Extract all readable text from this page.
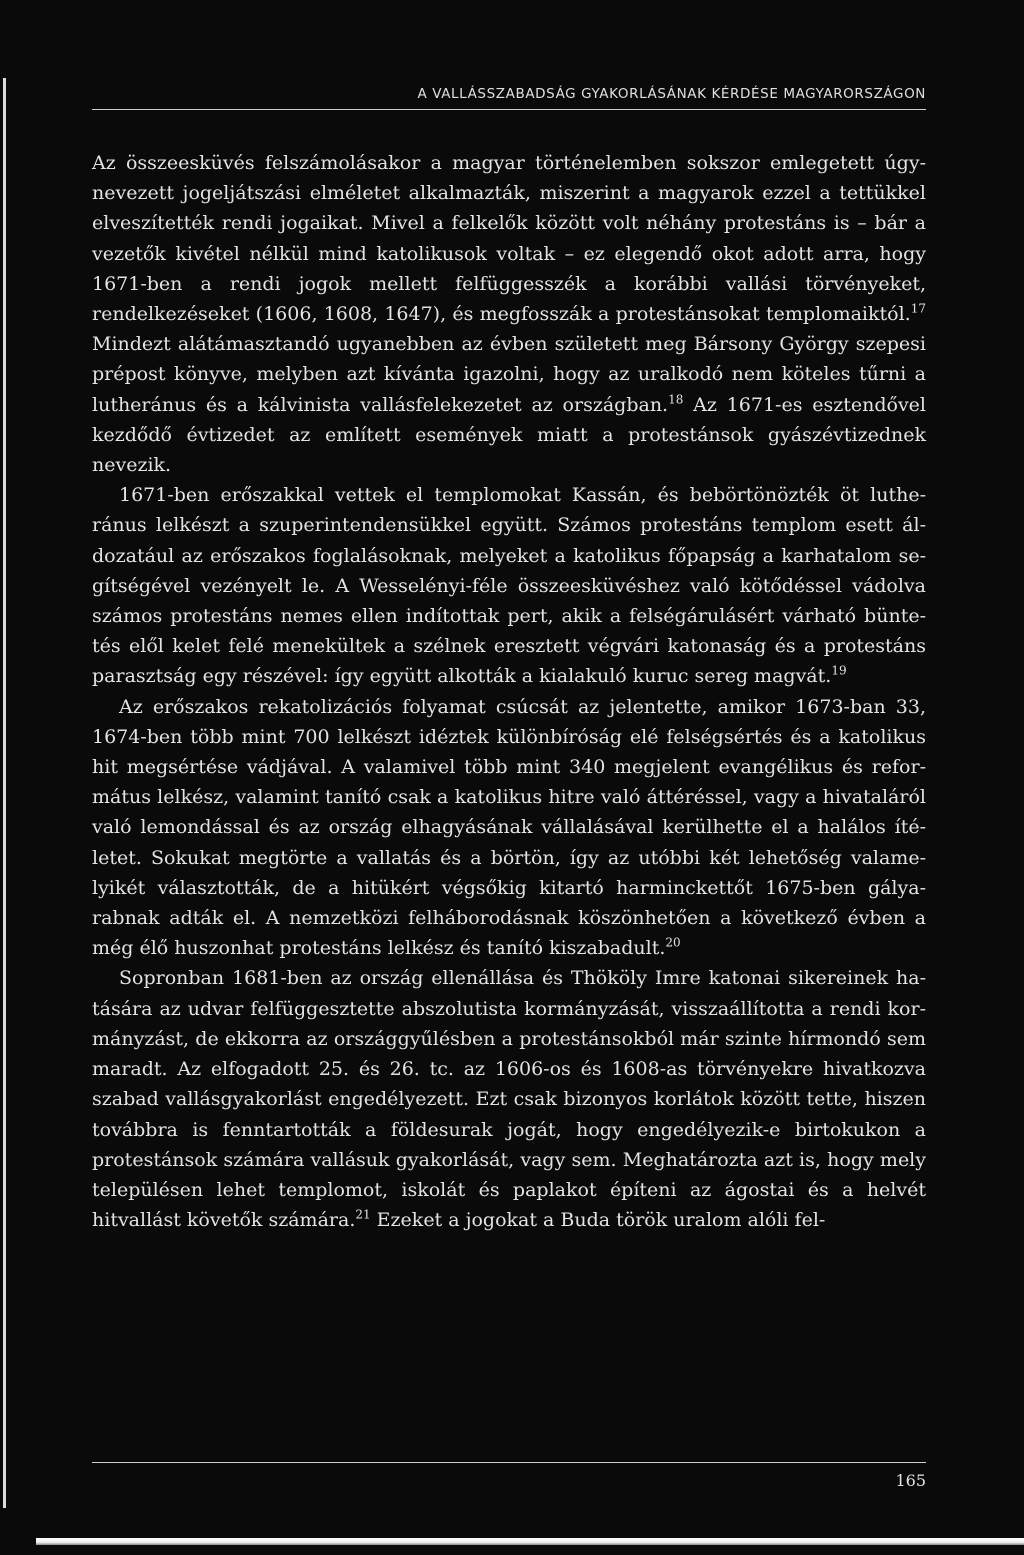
A VALLÁSSZABADSÁG GYAKORLÁSÁNAK KÉRDÉSE MAGYARORSZÁGON

Az összeesküvés felszámolásakor a magyar történelemben sokszor emlegetett úgynevezett jogeljátszási elméletet alkalmazták, miszerint a magyarok ezzel a tettükkel elveszítették rendi jogaikat. Mivel a felkelők között volt néhány protestáns is – bár a vezetők kivétel nélkül mind katolikusok voltak – ez elegendő okot adott arra, hogy 1671-ben a rendi jogok mellett felfüggesszék a korábbi vallási törvényeket, rendelkezéseket (1606, 1608, 1647), és megfosszák a protestánsokat templomaiktól.$^{17}$ Mindezt alátámasztandó ugyanebben az évben született meg Bársony György szepesi prépost könyve, melyben azt kívánta igazolni, hogy az uralkodó nem köteles tűrni a lutheránus és a kálvinista vallásfelekezetet az országban.$^{18}$ Az 1671-es esztendővel kezdődő évtizedet az említett események miatt a protestánsok gyászévtizednek nevezik.

1671-ben erőszakkal vettek el templomokat Kassán, és bebörtönözték öt lutheránus lelkészt a szuperintendensükkel együtt. Számos protestáns templom esett áldozatául az erőszakos foglalásoknak, melyeket a katolikus főpapság a karhatalom segítségével vezényelt le. A Wesselényi-féle összeesküvéshez való kötődéssel vádolva számos protestáns nemes ellen indítottak pert, akik a felségárulásért várható büntetés elől kelet felé menekültek a szélnek eresztett végvári katonaság és a protestáns parasztság egy részével: így együtt alkották a kialakuló kuruc sereg magvát.$^{19}$

Az erőszakos rekatolizációs folyamat csúcsát az jelentette, amikor 1673-ban 33, 1674-ben több mint 700 lelkészt idéztek különbíróság elé felségsértés és a katolikus hit megsértése vádjával. A valamivel több mint 340 megjelent evangélikus és református lelkész, valamint tanító csak a katolikus hitre való áttéréssel, vagy a hivataláról való lemondással és az ország elhagyásának vállalásával kerülhette el a halálos ítéletet. Sokukat megtörte a vallatás és a börtön, így az utóbbi két lehetőség valamelyikét választották, de a hitükért végsőkig kitartó harminckettőt 1675-ben gályarabnak adták el. A nemzetközi felháborodásnak köszönhetően a következő évben a még élő huszonhat protestáns lelkész és tanító kiszabadult.$^{20}$

Sopronban 1681-ben az ország ellenállása és Thököly Imre katonai sikereinek hatására az udvar felfüggesztette abszolutista kormányzását, visszaállította a rendi kormányzást, de ekkorra az országgyűlésben a protestánsokból már szinte hírmondó sem maradt. Az elfogadott 25. és 26. tc. az 1606-os és 1608-as törvényekre hivatkozva szabad vallásgyakorlást engedélyezett. Ezt csak bizonyos korlátok között tette, hiszen továbbra is fenntartották a földesurak jogát, hogy engedélyezik-e birtokukon a protestánsok számára vallásuk gyakorlását, vagy sem. Meghatározta azt is, hogy mely településen lehet templomot, iskolát és paplakot építeni az ágostai és a helvét hitvallást követők számára.$^{21}$ Ezeket a jogokat a Buda török uralom alóli fel-

165
